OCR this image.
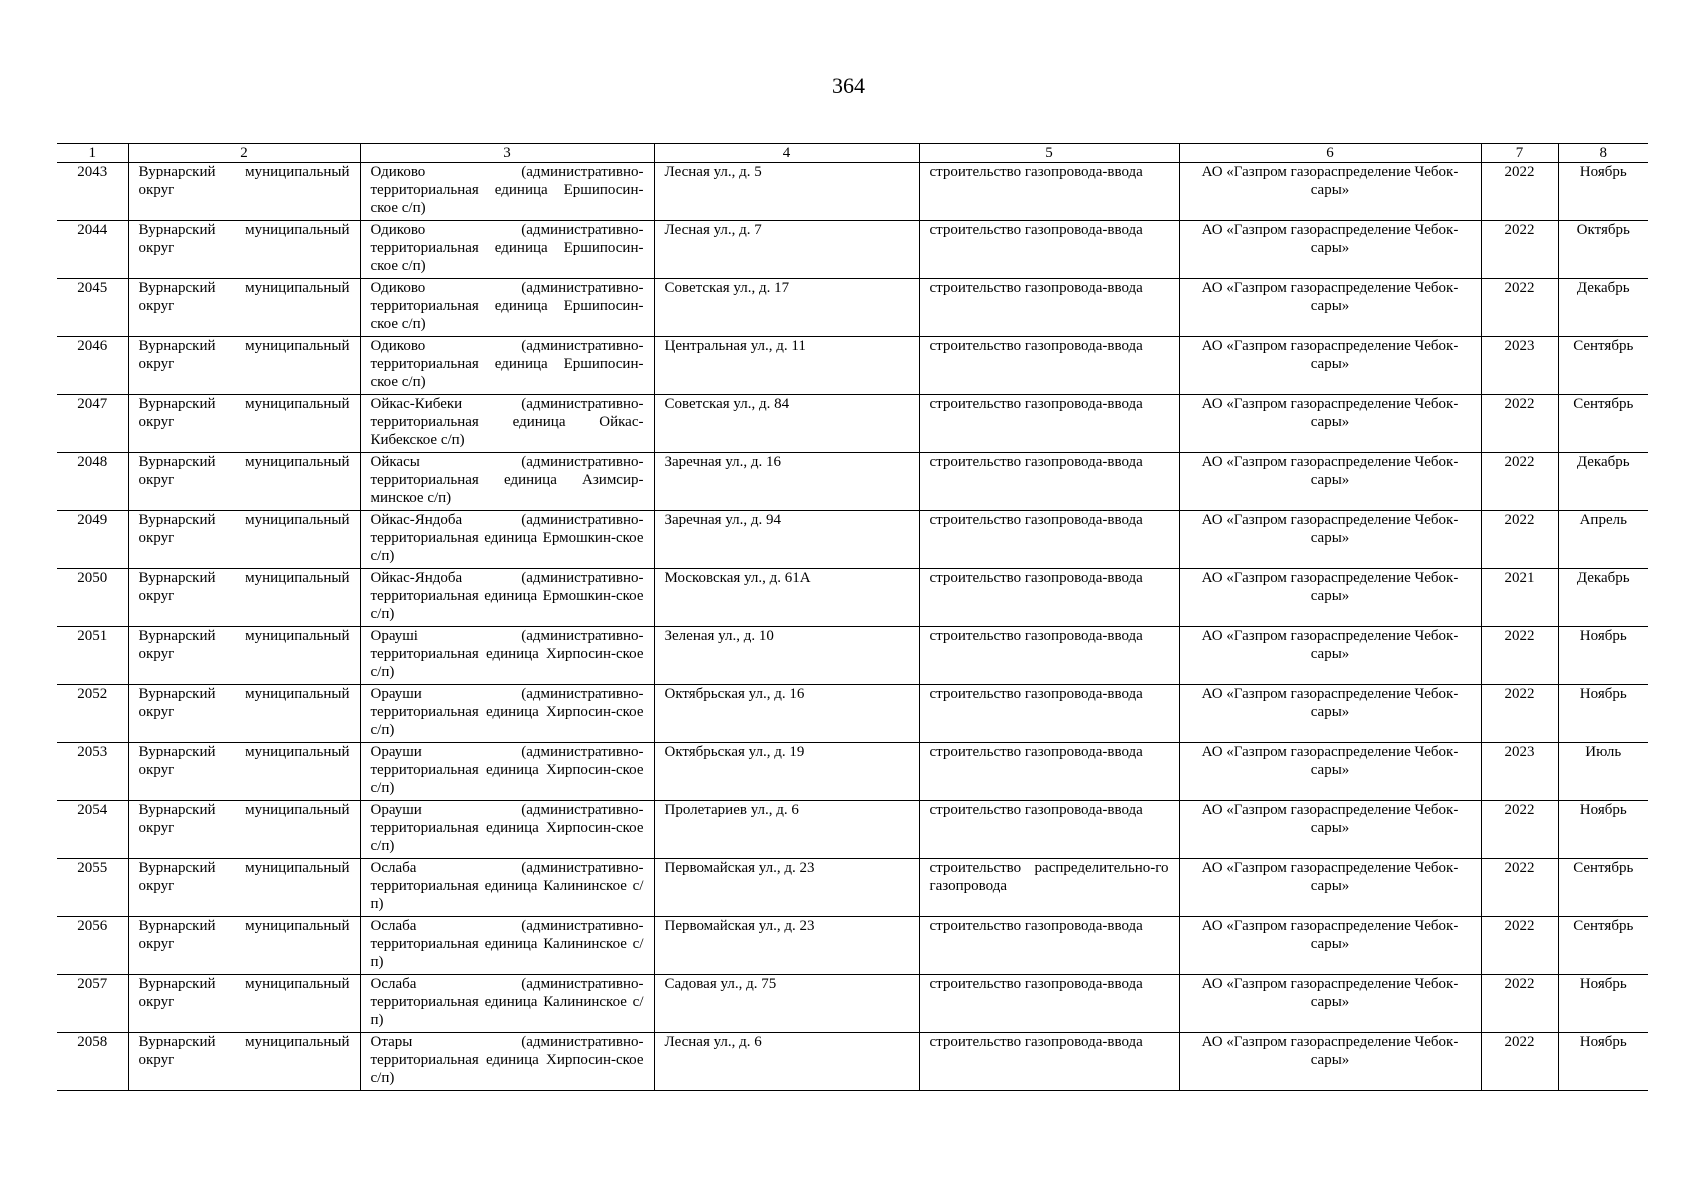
364
1	2	3	4	5	6	7	8
2043	Вурнарский муниципальный округ	Одиково (административно-территориальная единица Ершипосин-ское с/п)	Лесная ул., д. 5	строительство газопровода-ввода	АО «Газпром газораспределение Чебок-сары»	2022	Ноябрь
2044	Вурнарский муниципальный округ	Одиково (административно-территориальная единица Ершипосин-ское с/п)	Лесная ул., д. 7	строительство газопровода-ввода	АО «Газпром газораспределение Чебок-сары»	2022	Октябрь
2045	Вурнарский муниципальный округ	Одиково (административно-территориальная единица Ершипосин-ское с/п)	Советская ул., д. 17	строительство газопровода-ввода	АО «Газпром газораспределение Чебок-сары»	2022	Декабрь
2046	Вурнарский муниципальный округ	Одиково (административно-территориальная единица Ершипосин-ское с/п)	Центральная ул., д. 11	строительство газопровода-ввода	АО «Газпром газораспределение Чебок-сары»	2023	Сентябрь
2047	Вурнарский муниципальный округ	Ойкас-Кибеки (административно-территориальная единица Ойкас-Кибекское с/п)	Советская ул., д. 84	строительство газопровода-ввода	АО «Газпром газораспределение Чебок-сары»	2022	Сентябрь
2048	Вурнарский муниципальный округ	Ойкасы (административно-территориальная единица Азимсир-минское с/п)	Заречная ул., д. 16	строительство газопровода-ввода	АО «Газпром газораспределение Чебок-сары»	2022	Декабрь
2049	Вурнарский муниципальный округ	Ойкас-Яндоба (административно-территориальная единица Ермошкин-ское с/п)	Заречная ул., д. 94	строительство газопровода-ввода	АО «Газпром газораспределение Чебок-сары»	2022	Апрель
2050	Вурнарский муниципальный округ	Ойкас-Яндоба (административно-территориальная единица Ермошкин-ское с/п)	Московская ул., д. 61А	строительство газопровода-ввода	АО «Газпром газораспределение Чебок-сары»	2021	Декабрь
2051	Вурнарский муниципальный округ	Ораушi (административно-территориальная единица Хирпосин-ское с/п)	Зеленая ул., д. 10	строительство газопровода-ввода	АО «Газпром газораспределение Чебок-сары»	2022	Ноябрь
2052	Вурнарский муниципальный округ	Орауши (административно-территориальная единица Хирпосин-ское с/п)	Октябрьская ул., д. 16	строительство газопровода-ввода	АО «Газпром газораспределение Чебок-сары»	2022	Ноябрь
2053	Вурнарский муниципальный округ	Орауши (административно-территориальная единица Хирпосин-ское с/п)	Октябрьская ул., д. 19	строительство газопровода-ввода	АО «Газпром газораспределение Чебок-сары»	2023	Июль
2054	Вурнарский муниципальный округ	Орауши (административно-территориальная единица Хирпосин-ское с/п)	Пролетариев ул., д. 6	строительство газопровода-ввода	АО «Газпром газораспределение Чебок-сары»	2022	Ноябрь
2055	Вурнарский муниципальный округ	Ослаба (административно-территориальная единица Калининское с/п)	Первомайская ул., д. 23	строительство распределительно-го газопровода	АО «Газпром газораспределение Чебок-сары»	2022	Сентябрь
2056	Вурнарский муниципальный округ	Ослаба (административно-территориальная единица Калининское с/п)	Первомайская ул., д. 23	строительство газопровода-ввода	АО «Газпром газораспределение Чебок-сары»	2022	Сентябрь
2057	Вурнарский муниципальный округ	Ослаба (административно-территориальная единица Калининское с/п)	Садовая ул., д. 75	строительство газопровода-ввода	АО «Газпром газораспределение Чебок-сары»	2022	Ноябрь
2058	Вурнарский муниципальный округ	Отары (административно-территориальная единица Хирпосин-ское с/п)	Лесная ул., д. 6	строительство газопровода-ввода	АО «Газпром газораспределение Чебок-сары»	2022	Ноябрь
